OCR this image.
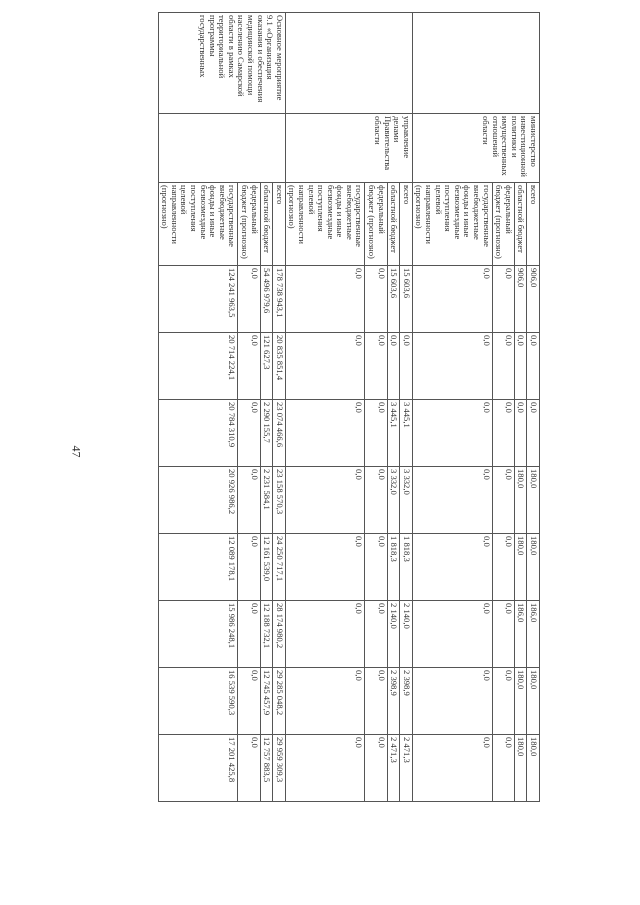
47
	министерство инвестиционной политики и имущественных отношений области	всего	906,0	0,0	0,0	180,0	180,0	186,0	180,0	180,0
		областной бюджет	906,0	0,0	0,0	180,0	180,0	186,0	180,0	180,0
		федеральный бюджет (прогнозно)	0,0	0,0	0,0	0,0	0,0	0,0	0,0	0,0
		государственные внебюджетные фонды и иные безвозмездные поступления целевой направленности (прогнозно)	0,0	0,0	0,0	0,0	0,0	0,0	0,0	0,0
	управление делами Правительства области	всего	15 603,6	0,0	3 445,1	3 332,0	1 818,3	2 140,0	2 398,9	2 471,3
		областной бюджет	15 603,6	0,0	3 445,1	3 332,0	1 818,3	2 140,0	2 398,9	2 471,3
		федеральный бюджет (прогнозно)	0,0	0,0	0,0	0,0	0,0	0,0	0,0	0,0
		государственные внебюджетные фонды и иные безвозмездные поступления целевой направленности (прогнозно)	0,0	0,0	0,0	0,0	0,0	0,0	0,0	0,0
Основное мероприятие 9.1 «Организация оказания и обеспечения медицинской помощи населению Самарской области в рамках территориальной программы государственных		всего	178 738 943,1	20 835 851,4	23 074 466,6	23 158 570,3	24 250 717,1	28 174 980,2	29 285 048,2	29 959 309,3
		областной бюджет	54 496 979,6	121 627,3	2 290 155,7	2 231 584,1	12 161 539,0	12 188 732,1	12 745 457,9	12 757 883,5
		федеральный бюджет (прогнозно)	0,0	0,0	0,0	0,0	0,0	0,0	0,0	0,0
		государственные внебюджетные фонды и иные безвозмездные поступления целевой направленности (прогнозно)	124 241 963,5	20 714 224,1	20 784 310,9	20 926 986,2	12 089 178,1	15 986 248,1	16 539 590,3	17 201 425,8
